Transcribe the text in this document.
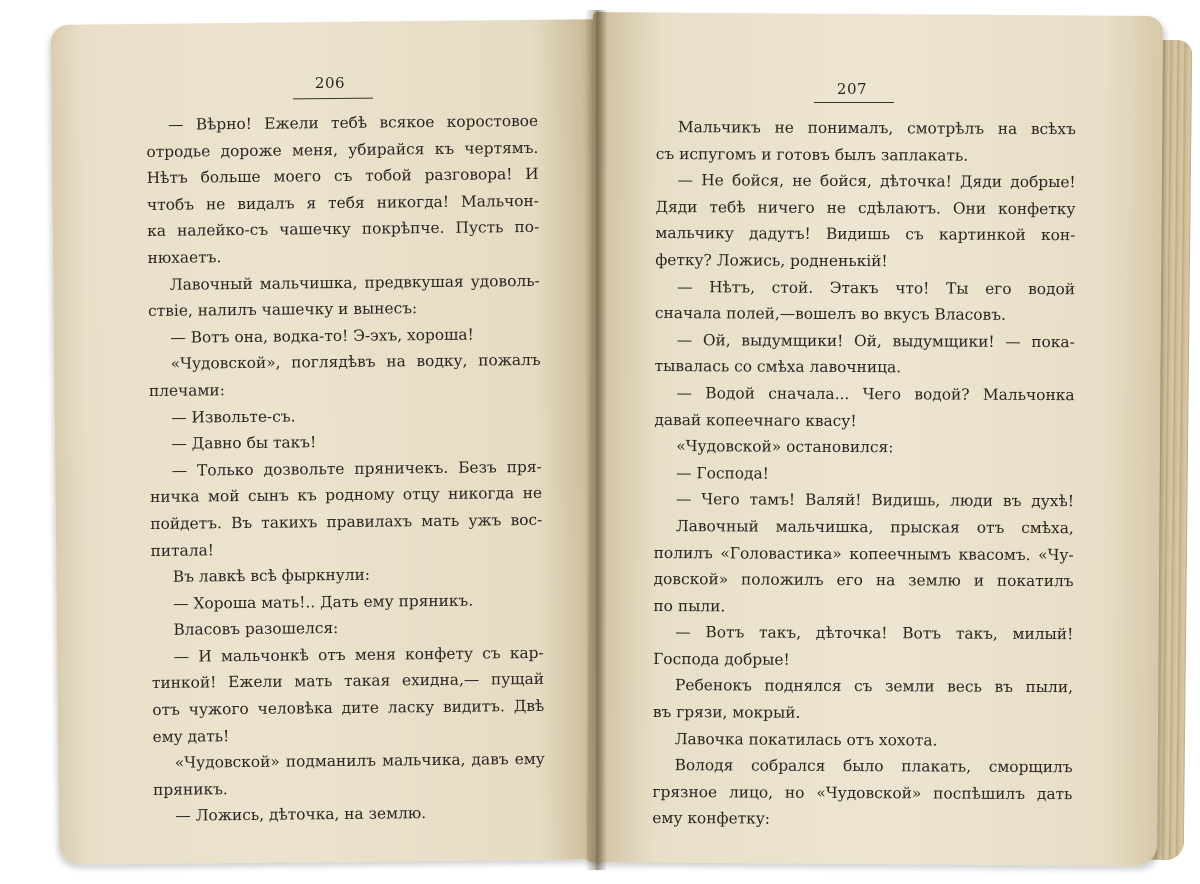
206	207
— Вѣрно! Ежели тебѣ всякое коростовое
отродье дороже меня, убирайся къ чертямъ.
Нѣтъ больше моего съ тобой разговора! И
чтобъ не видалъ я тебя никогда! Мальчон-
ка налейко-съ чашечку покрѣпче. Пусть по-
нюхаетъ.
Лавочный мальчишка, предвкушая удоволь-
ствіе, налилъ чашечку и вынесъ:
— Вотъ она, водка-то! Э-эхъ, хороша!
«Чудовской», поглядѣвъ на водку, пожалъ
плечами:
— Извольте-съ.
— Давно бы такъ!
— Только дозвольте пряничекъ. Безъ пря-
ничка мой сынъ къ родному отцу никогда не
пойдетъ. Въ такихъ правилахъ мать ужъ вос-
питала!
Въ лавкѣ всѣ фыркнули:
— Хороша мать!.. Дать ему пряникъ.
Власовъ разошелся:
— И мальчонкѣ отъ меня конфету съ кар-
тинкой! Ежели мать такая ехидна,— пущай
отъ чужого человѣка дите ласку видитъ. Двѣ
ему дать!
«Чудовской» подманилъ мальчика, давъ ему
пряникъ.
— Ложись, дѣточка, на землю.
Мальчикъ не понималъ, смотрѣлъ на всѣхъ
съ испугомъ и готовъ былъ заплакать.
— Не бойся, не бойся, дѣточка! Дяди добрые!
Дяди тебѣ ничего не сдѣлаютъ. Они конфетку
мальчику дадутъ! Видишь съ картинкой кон-
фетку? Ложись, родненькій!
— Нѣтъ, стой. Этакъ что! Ты его водой
сначала полей,—вошелъ во вкусъ Власовъ.
— Ой, выдумщики! Ой, выдумщики! — пока-
тывалась со смѣха лавочница.
— Водой сначала... Чего водой? Мальчонка
давай копеечнаго квасу!
«Чудовской» остановился:
— Господа!
— Чего тамъ! Валяй! Видишь, люди въ духѣ!
Лавочный мальчишка, прыская отъ смѣха,
полилъ «Головастика» копеечнымъ квасомъ. «Чу-
довской» положилъ его на землю и покатилъ
по пыли.
— Вотъ такъ, дѣточка! Вотъ такъ, милый!
Господа добрые!
Ребенокъ поднялся съ земли весь въ пыли,
въ грязи, мокрый.
Лавочка покатилась отъ хохота.
Володя собрался было плакать, сморщилъ
грязное лицо, но «Чудовской» поспѣшилъ дать
ему конфетку:
